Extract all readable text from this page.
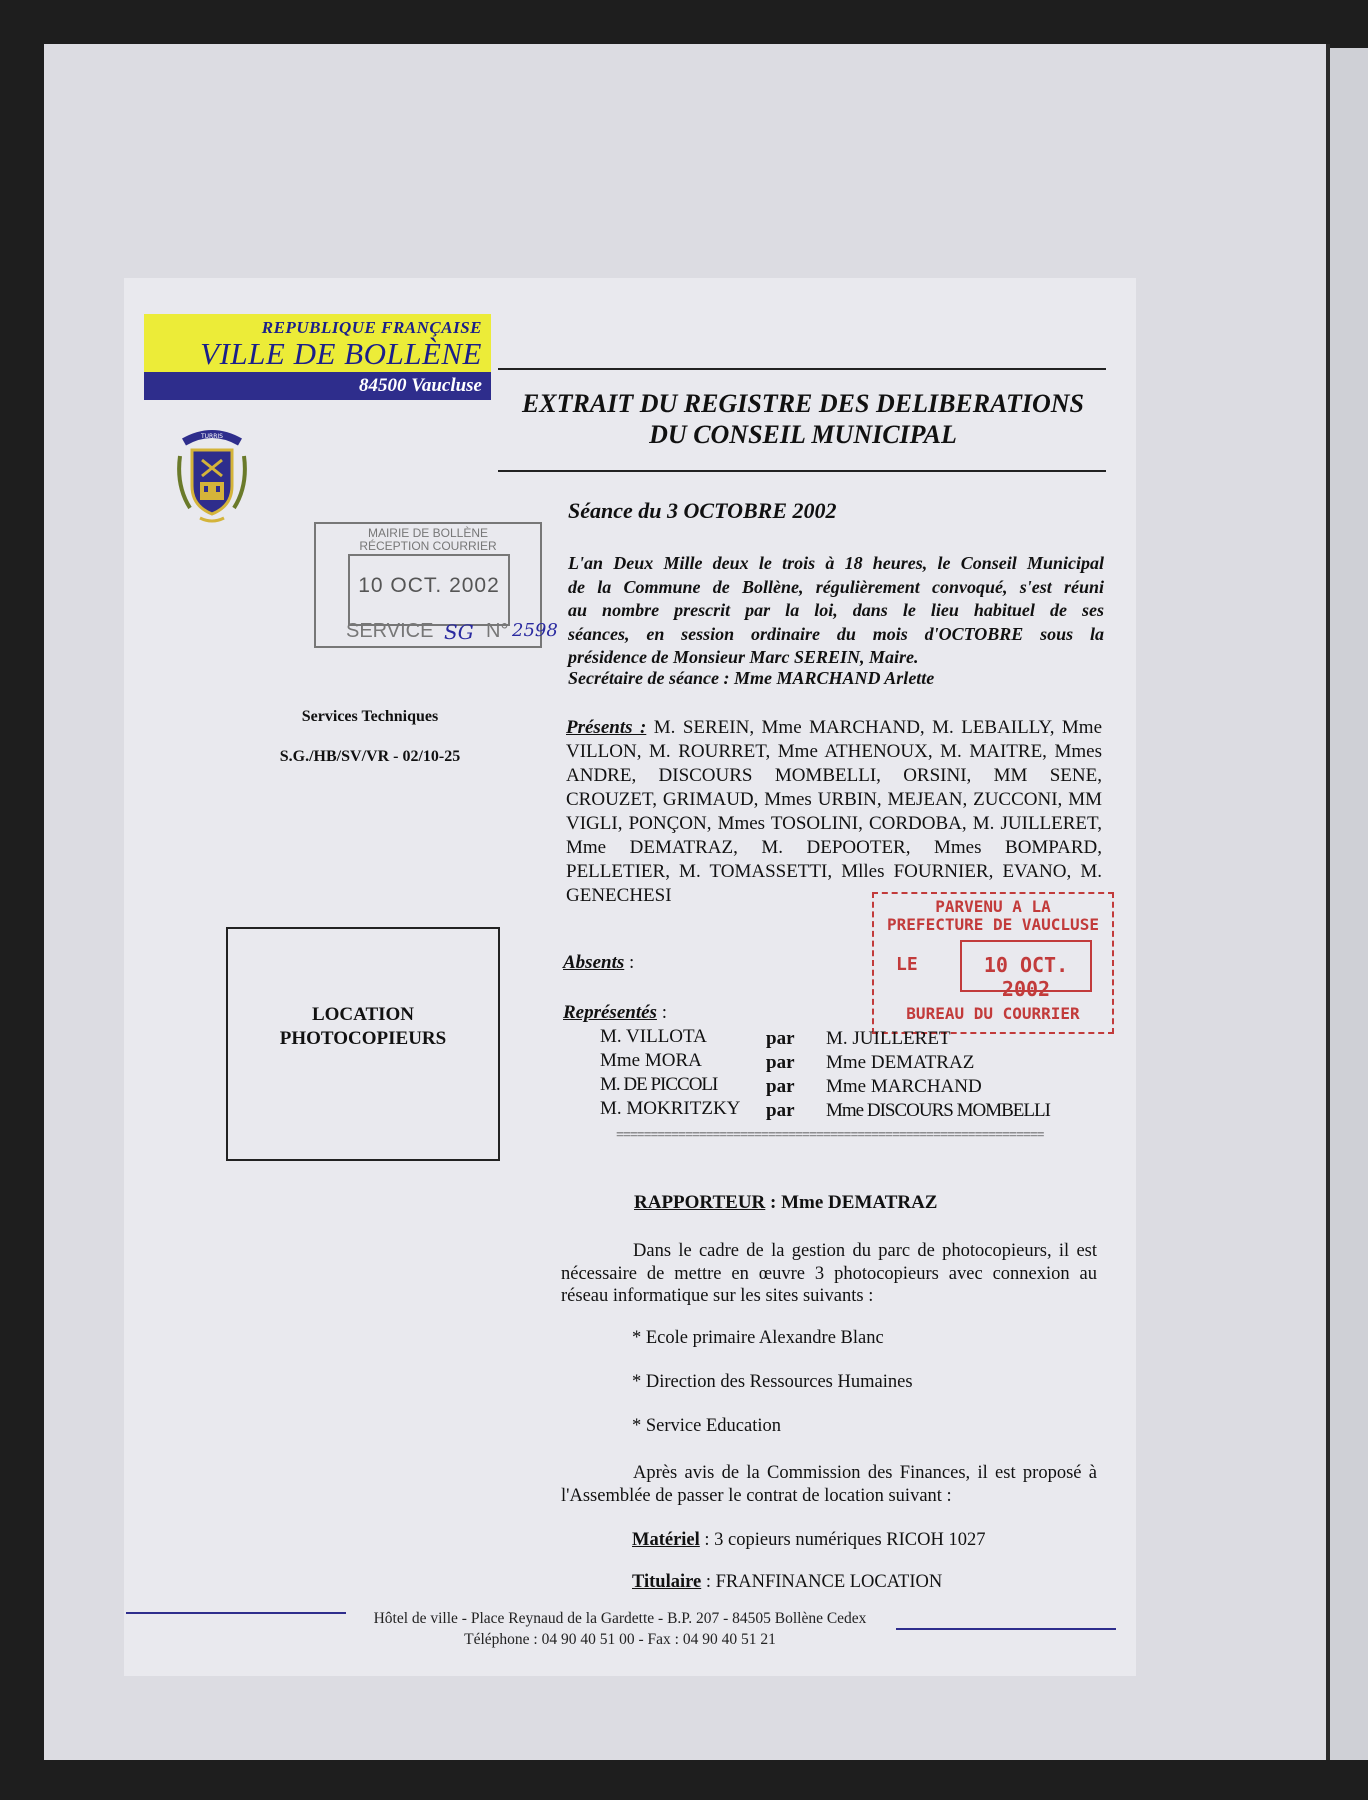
REPUBLIQUE FRANÇAISE
VILLE DE BOLLÈNE
84500 Vaucluse
TURRIS
EXTRAIT DU REGISTRE DES DELIBERATIONS
DU CONSEIL MUNICIPAL
MAIRIE DE BOLLÈNE
RÉCEPTION COURRIER
10 OCT. 2002
SERVICE SG N° 2598
Services Techniques
S.G./HB/SV/VR - 02/10-25
LOCATION
PHOTOCOPIEURS
Séance du 3 OCTOBRE 2002
L'an Deux Mille deux le trois à 18 heures, le Conseil Municipal
de la Commune de Bollène, régulièrement convoqué, s'est réuni
au nombre prescrit par la loi, dans le lieu habituel de ses
séances, en session ordinaire du mois d'OCTOBRE sous la
présidence de Monsieur Marc SEREIN, Maire.
Secrétaire de séance : Mme MARCHAND Arlette
Présents : M. SEREIN, Mme MARCHAND, M. LEBAILLY, Mme VILLON, M. ROURRET, Mme ATHENOUX, M. MAITRE, Mmes ANDRE, DISCOURS MOMBELLI, ORSINI, MM SENE, CROUZET, GRIMAUD, Mmes URBIN, MEJEAN, ZUCCONI, MM VIGLI, PONÇON, Mmes TOSOLINI, CORDOBA, M. JUILLERET, Mme DEMATRAZ, M. DEPOOTER, Mmes BOMPARD, PELLETIER, M. TOMASSETTI, Mlles FOURNIER, EVANO, M. GENECHESI
PARVENU A LA
PREFECTURE DE VAUCLUSE
LE	10 OCT. 2002
BUREAU DU COURRIER
Absents :
Représentés :
M. VILLOTA	par M. JUILLERET
Mme MORA	par Mme DEMATRAZ
M. DE PICCOLI	par Mme MARCHAND
M. MOKRITZKY par Mme DISCOURS MOMBELLI
==============================================================
RAPPORTEUR : Mme DEMATRAZ
Dans le cadre de la gestion du parc de photocopieurs, il est nécessaire de mettre en œuvre 3 photocopieurs avec connexion au réseau informatique sur les sites suivants :
* Ecole primaire Alexandre Blanc
* Direction des Ressources Humaines
* Service Education
Après avis de la Commission des Finances, il est proposé à l'Assemblée de passer le contrat de location suivant :
Matériel : 3 copieurs numériques RICOH 1027
Titulaire : FRANFINANCE LOCATION
Hôtel de ville - Place Reynaud de la Gardette - B.P. 207 - 84505 Bollène Cedex
Téléphone : 04 90 40 51 00 - Fax : 04 90 40 51 21
